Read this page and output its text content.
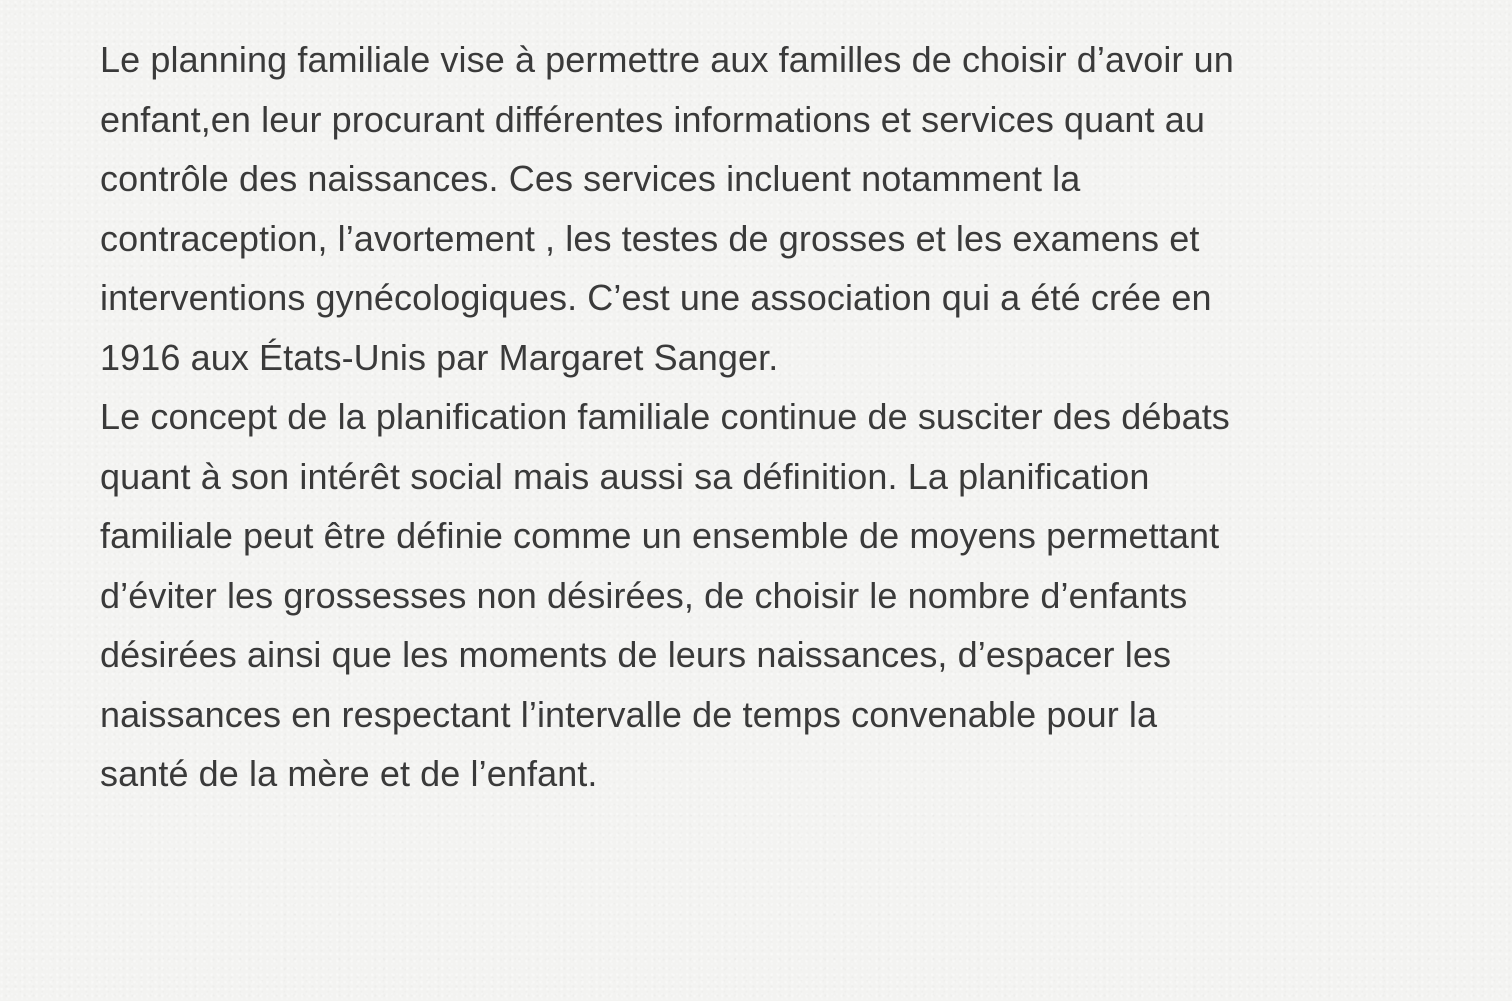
Le planning familiale vise à permettre aux familles de choisir d’avoir un
enfant,en leur procurant différentes informations et services quant au
contrôle des naissances. Ces services incluent notamment la
contraception, l’avortement , les testes de grosses et les examens et
interventions gynécologiques. C’est une association qui a été crée en
1916 aux États-Unis par Margaret Sanger.
Le concept de la planification familiale continue de susciter des débats
quant à son intérêt social mais aussi sa définition. La planification
familiale peut être définie comme un ensemble de moyens permettant
d’éviter les grossesses non désirées, de choisir le nombre d’enfants
désirées ainsi que les moments de leurs naissances, d’espacer les
naissances en respectant l’intervalle de temps convenable pour la
santé de la mère et de l’enfant.
